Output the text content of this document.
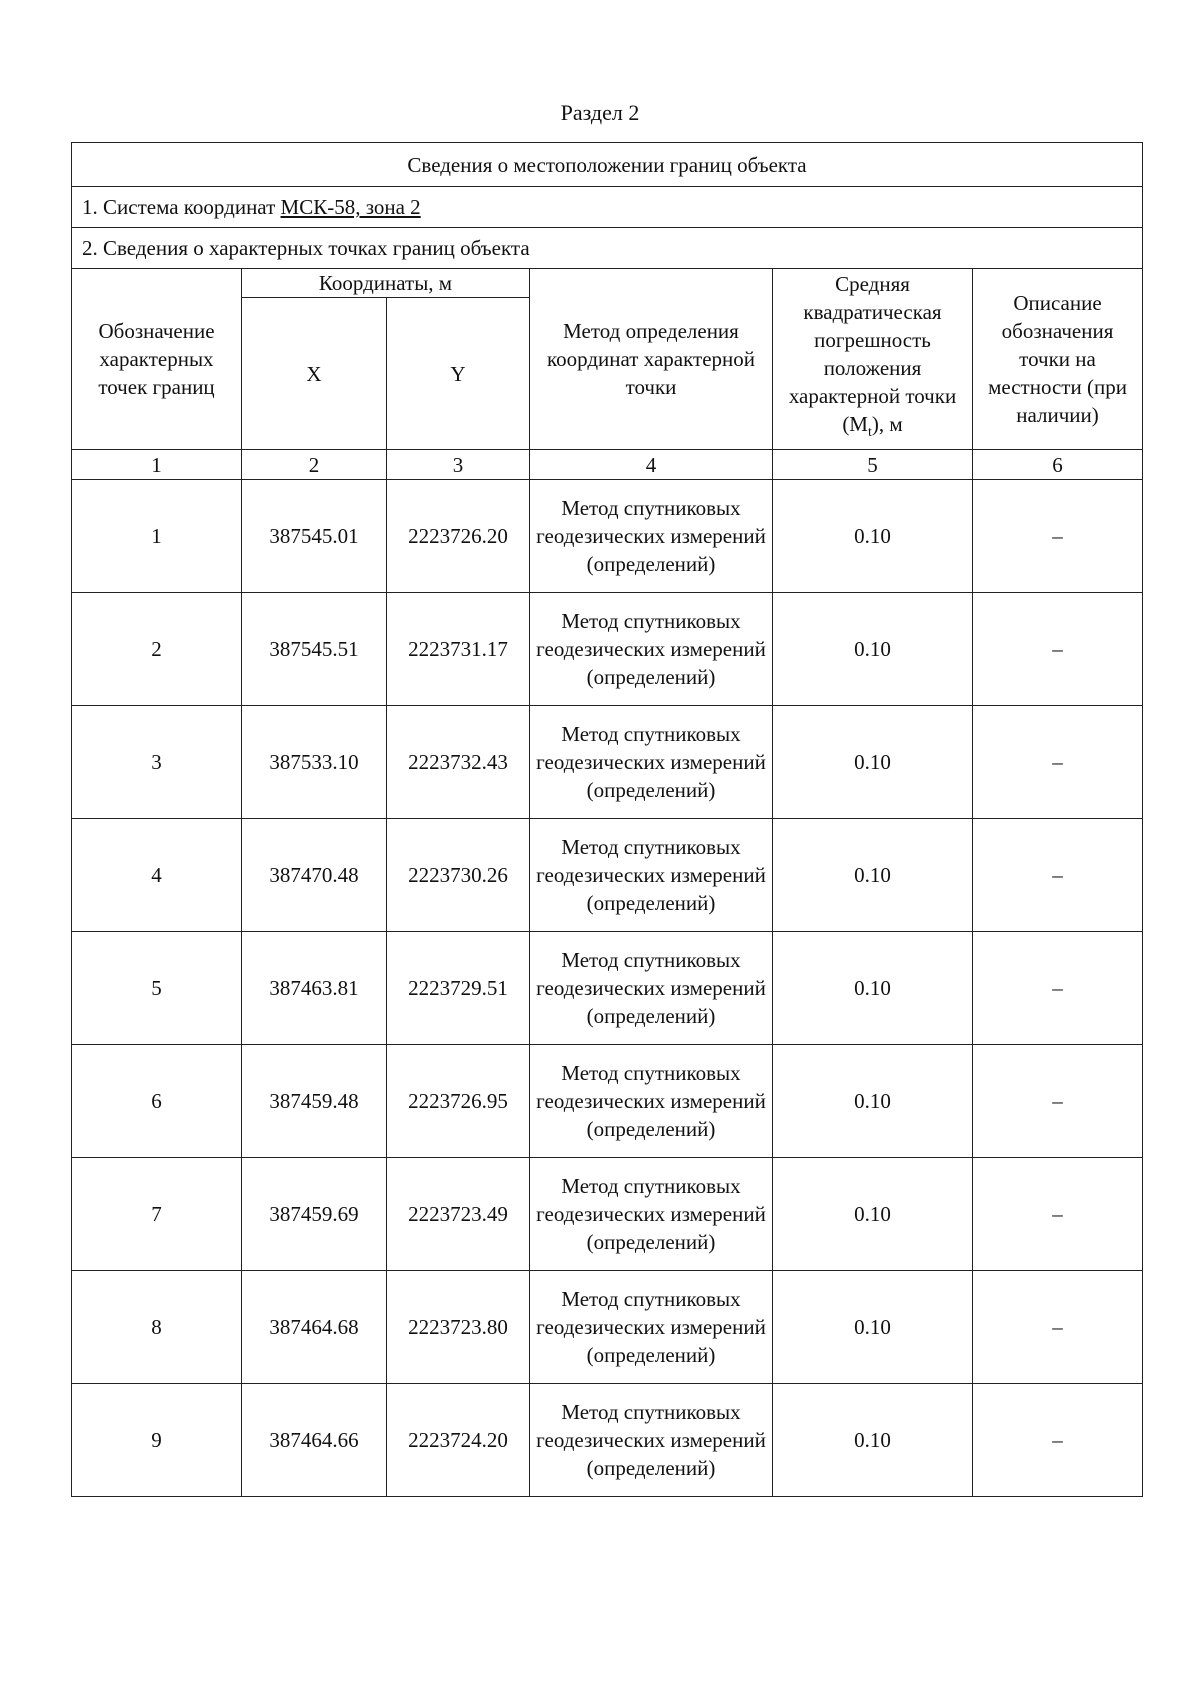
Раздел 2
Сведения о местоположении границ объекта					
1. Система координат МСК-58, зона 2					
2. Сведения о характерных точках границ объекта					
Обозначение характерных точек границ	Координаты, м		Метод определения координат характерной точки	Средняя квадратическая погрешность положения характерной точки $(M_t)$, м	Описание обозначения точки на местности (при наличии)
	X	Y			
1	2	3	4	5	6
1	387545.01	2223726.20	Метод спутниковых геодезических измерений (определений)	0.10	–
2	387545.51	2223731.17	Метод спутниковых геодезических измерений (определений)	0.10	–
3	387533.10	2223732.43	Метод спутниковых геодезических измерений (определений)	0.10	–
4	387470.48	2223730.26	Метод спутниковых геодезических измерений (определений)	0.10	–
5	387463.81	2223729.51	Метод спутниковых геодезических измерений (определений)	0.10	–
6	387459.48	2223726.95	Метод спутниковых геодезических измерений (определений)	0.10	–
7	387459.69	2223723.49	Метод спутниковых геодезических измерений (определений)	0.10	–
8	387464.68	2223723.80	Метод спутниковых геодезических измерений (определений)	0.10	–
9	387464.66	2223724.20	Метод спутниковых геодезических измерений (определений)	0.10	–
